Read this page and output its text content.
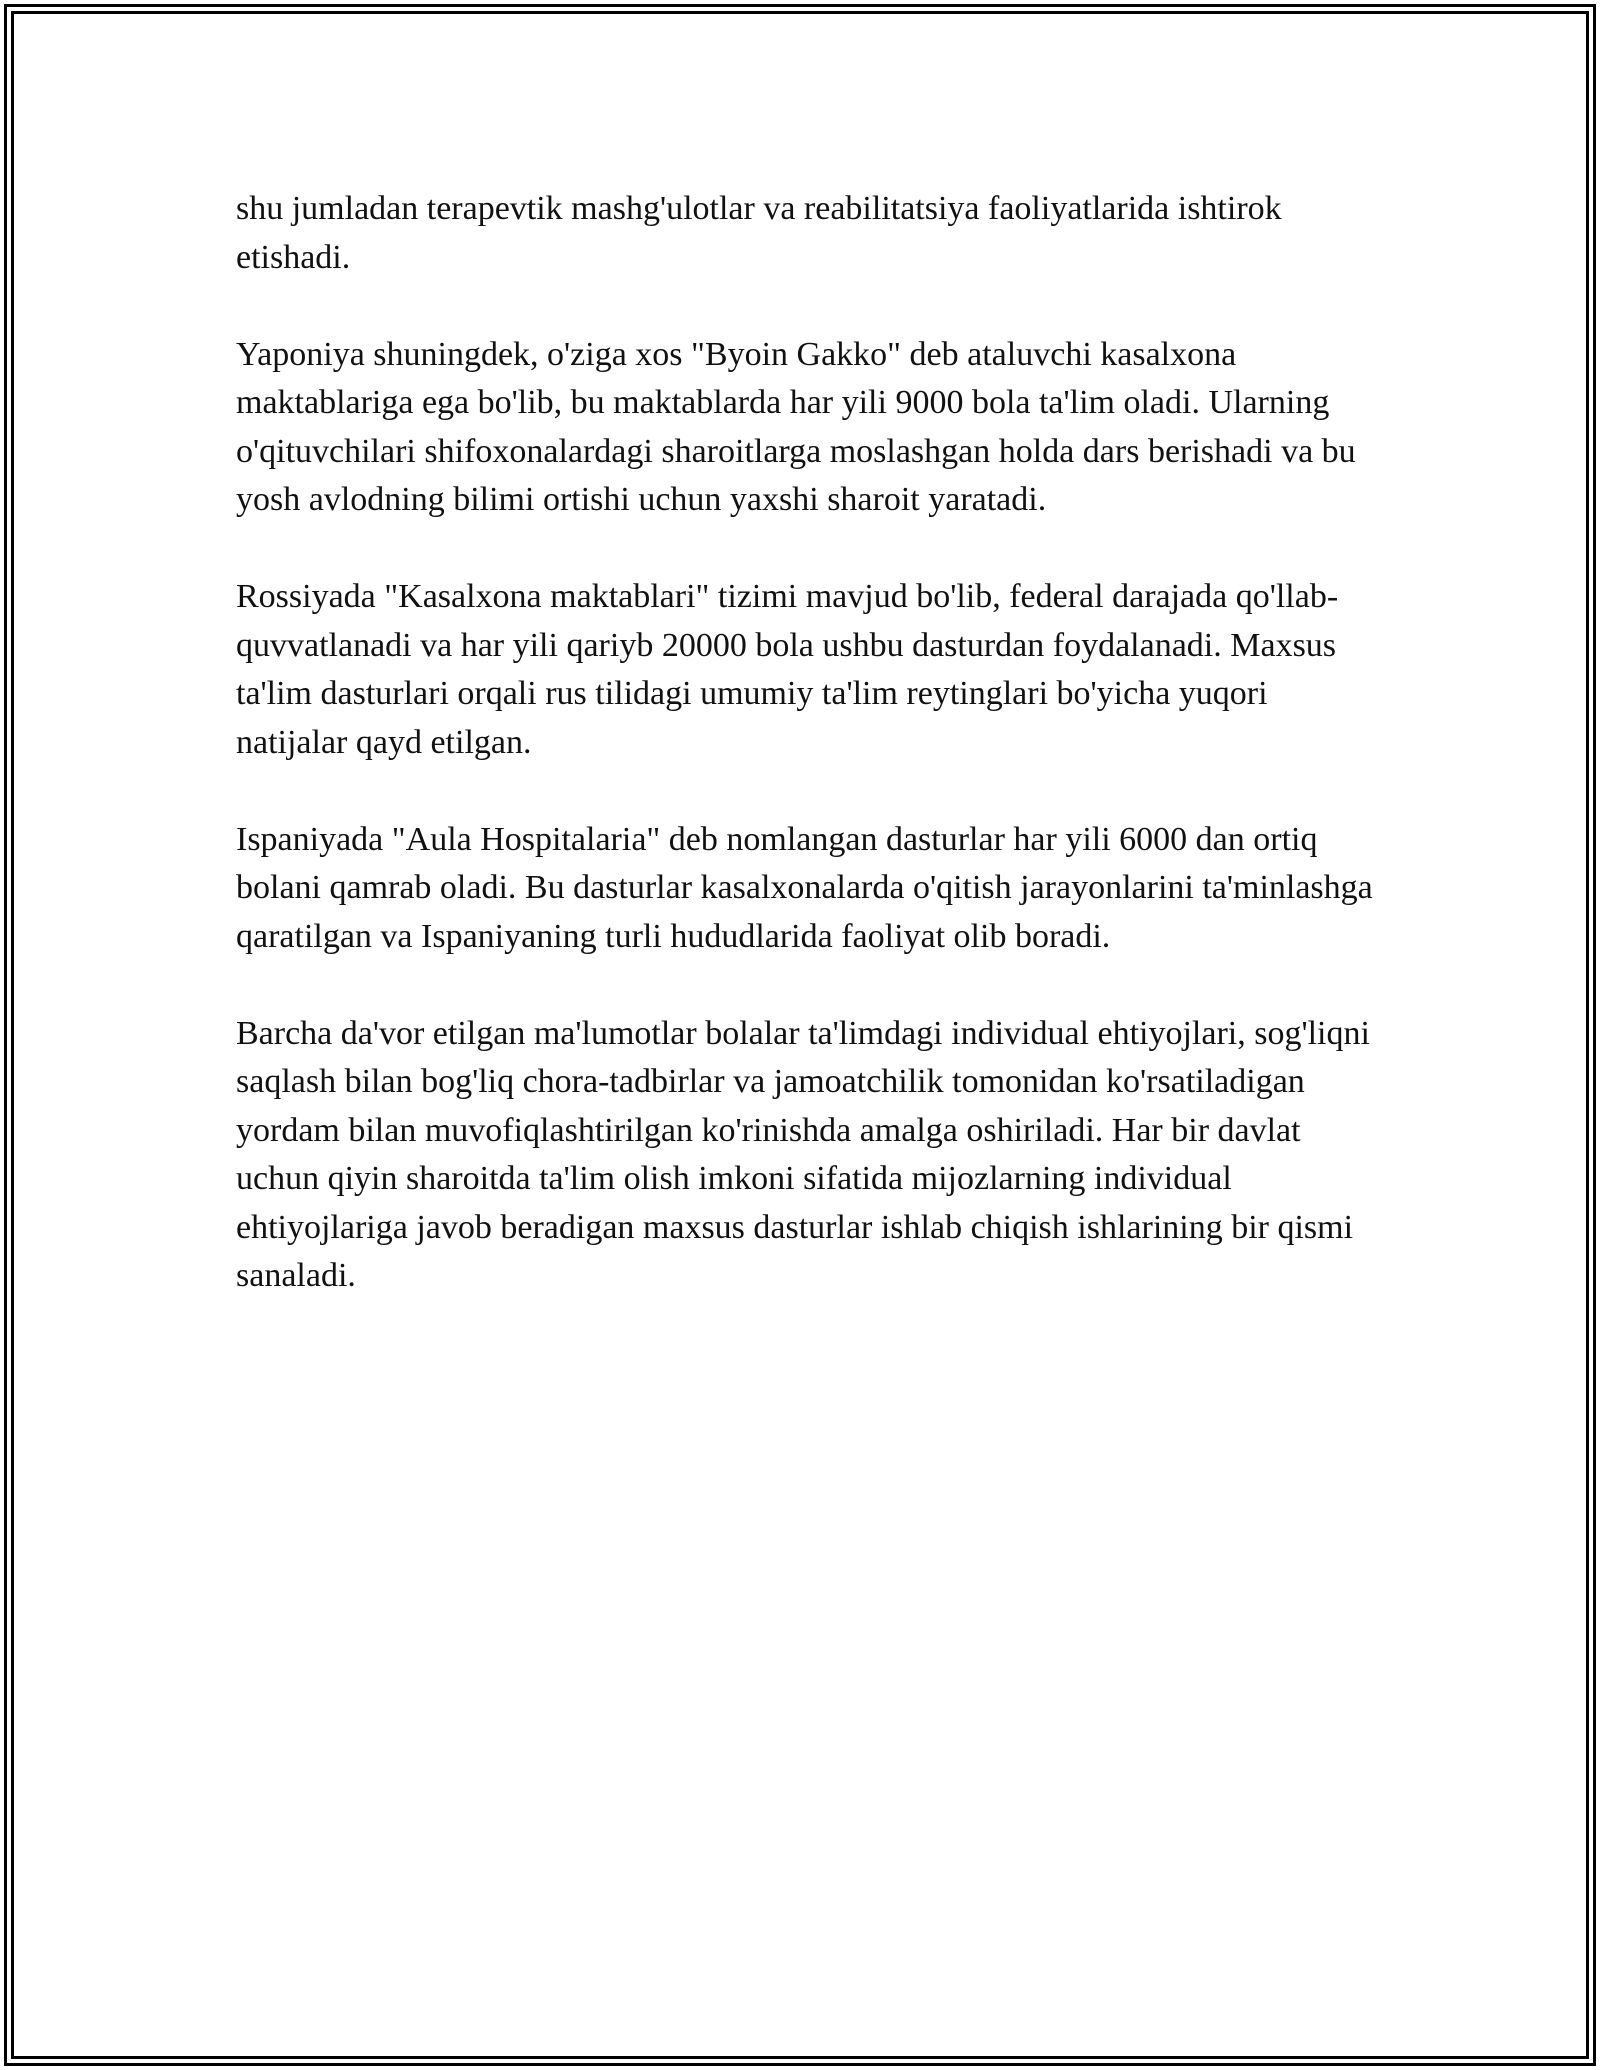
shu jumladan terapevtik mashg'ulotlar va reabilitatsiya faoliyatlarida ishtirok etishadi.

Yaponiya shuningdek, o'ziga xos "Byoin Gakko" deb ataluvchi kasalxona maktablariga ega bo'lib, bu maktablarda har yili 9000 bola ta'lim oladi. Ularning o'qituvchilari shifoxonalardagi sharoitlarga moslashgan holda dars berishadi va bu yosh avlodning bilimi ortishi uchun yaxshi sharoit yaratadi.

Rossiyada "Kasalxona maktablari" tizimi mavjud bo'lib, federal darajada qo'llab-quvvatlanadi va har yili qariyb 20000 bola ushbu dasturdan foydalanadi. Maxsus ta'lim dasturlari orqali rus tilidagi umumiy ta'lim reytinglari bo'yicha yuqori natijalar qayd etilgan.

Ispaniyada "Aula Hospitalaria" deb nomlangan dasturlar har yili 6000 dan ortiq bolani qamrab oladi. Bu dasturlar kasalxonalarda o'qitish jarayonlarini ta'minlashga qaratilgan va Ispaniyaning turli hududlarida faoliyat olib boradi.

Barcha da'vor etilgan ma'lumotlar bolalar ta'limdagi individual ehtiyojlari, sog'liqni saqlash bilan bog'liq chora-tadbirlar va jamoatchilik tomonidan ko'rsatiladigan yordam bilan muvofiqlashtirilgan ko'rinishda amalga oshiriladi. Har bir davlat uchun qiyin sharoitda ta'lim olish imkoni sifatida mijozlarning individual ehtiyojlariga javob beradigan maxsus dasturlar ishlab chiqish ishlarining bir qismi sanaladi.
